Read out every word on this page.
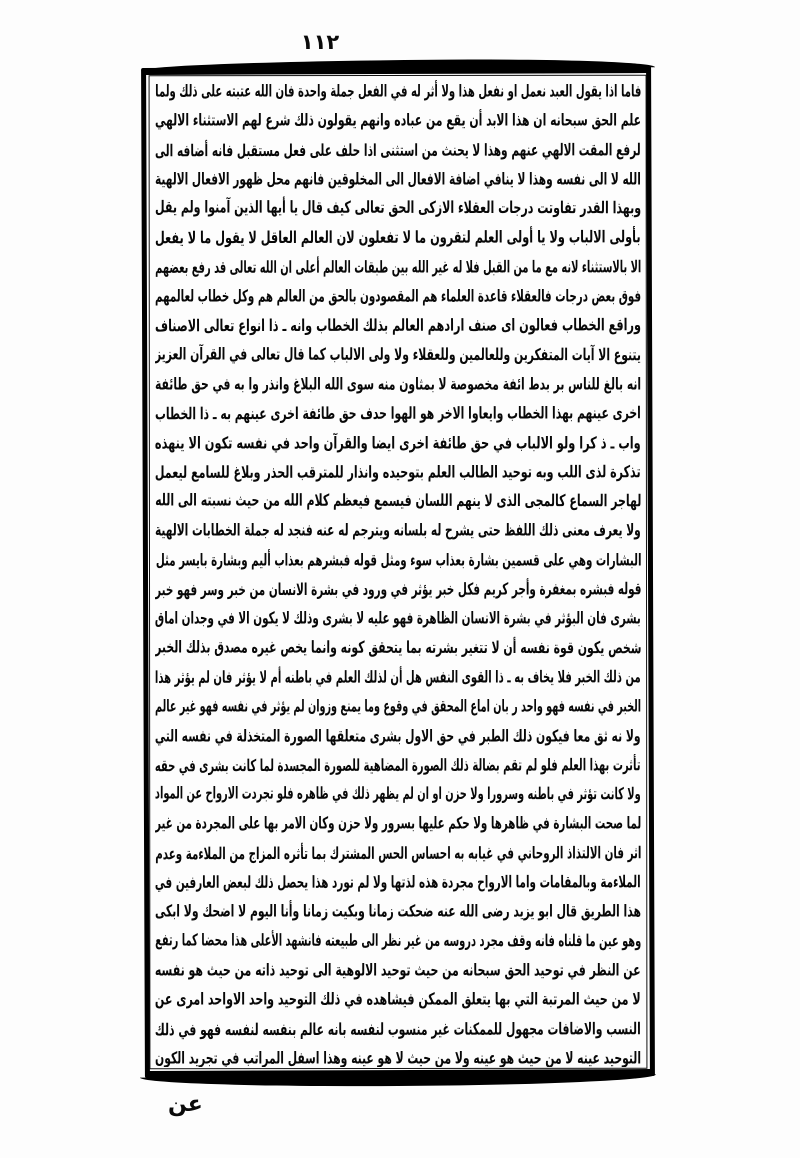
١١٢
فاما اذا يقول العبد نعمل او نفعل هذا ولا أثر له في الفعل جملة واحدة فان الله عتبته على ذلك ولما
علم الحق سبحانه ان هذا الابد أن يقع من عباده وانهم يقولون ذلك شرع لهم الاستثناء الالهي
لرفع المقت الالهي عنهم وهذا لا يحنث من استثنى اذا حلف على فعل مستقبل فانه أضافه الى
الله لا الى نفسه وهذا لا ينافي اضافة الافعال الى المخلوقين فانهم محل ظهور الافعال الالهية
وبهذا القدر تفاوتت درجات العقلاء الازكى الحق تعالى كيف قال يا أيها الذين آمنوا ولم يقل
بأولى الالباب ولا يا أولى العلم لتقرون ما لا تفعلون لان العالم العاقل لا يقول ما لا يفعل
الا بالاستثناء لانه مع ما من القبل فلا له غير الله بين طبقات العالم أعلى ان الله تعالى قد رفع بعضهم
فوق بعض درجات فالعقلاء قاعدة العلماء هم المقصودون بالحق من العالم هم وكل خطاب لعالمهم
وراقع الخطاب فعالون اى صنف ارادهم العالم بذلك الخطاب وانه ـ ذا انواع تعالى الاصناف
يتنوع الا آيات المتفكرين وللعالمين وللعقلاء ولا ولى الالباب كما قال تعالى في القرآن العزيز
انه بالغ للناس بر بدط ائفة مخصوصة لا بمثاون منه سوى الله البلاغ وانذر وا به في حق طائفة
اخرى عينهم بهذا الخطاب وايعاوا الاخر هو الهوا حدف حق طائفة اخرى عينهم به ـ ذا الخطاب
واب ـ ذ كرا ولو الالباب في حق طائفة اخرى ايضا والقرآن واحد في نفسه تكون الا ينهذه
تذكرة لذى اللب وبه توحيد الطالب العلم بتوحيده وانذار للمترقب الحذر وبلاغ للسامع ليعمل
لهاجر السماع كالمجى الذى لا ينهم اللسان فيسمع فيعظم كلام الله من حيث نسبته الى الله
ولا يعرف معنى ذلك اللفظ حتى يشرح له بلسانه ويترجم له عنه فنجد له جملة الخطابات الالهية
البشارات وهي على قسمين بشارة بعذاب سوء ومثل قوله فبشرهم بعذاب أليم وبشارة بايسر مثل
قوله فبشره بمغفرة وأجر كريم فكل خبر يؤثر في ورود في بشرة الانسان من خبر وسر فهو خبر
بشرى فان البؤثر في بشرة الانسان الظاهرة فهو عليه لا بشرى وذلك لا يكون الا في وجدان اماق
شخص يكون قوة نفسه أن لا تتغير بشرته بما يتحقق كونه وانما يخص غيره مصدق بذلك الخبر
من ذلك الخبر فلا يخاف به ـ ذا القوى النفس هل أن لذلك العلم في باطنه أم لا يؤثر فان لم يؤثر هذا
الخبر في نفسه فهو واحد ر بان اماع المحقق في وقوع وما يمنع وزوان لم يؤثر في نفسه فهو غير عالم
ولا نه ثق معا فيكون ذلك الطبر في حق الاول بشرى متعلقها الصورة المتخذلة في نفسه التي
تأثرت بهذا العلم فلو لم تقم بضالة ذلك الصورة المضاهية للصورة المجسدة لما كانت بشرى في حقه
ولا كانت تؤثر في باطنه وسرورا ولا حزن او ان لم يظهر ذلك في ظاهره فلو تجردت الارواح عن المواد
لما صحت البشارة في ظاهرها ولا حكم عليها بسرور ولا حزن وكان الامر بها على المجردة من غير
اثر فان الالتذاذ الروحاني في غيابه به احساس الحس المشترك بما تأثره المزاج من الملاءمة وعدم
الملاءمة وبالمقامات واما الارواح مجردة هذه لذتها ولا لم تورد هذا يحصل ذلك لبعض العارفين في
هذا الطريق قال ابو يزيد رضى الله عنه ضحكت زمانا وبكيت زمانا وأنا اليوم لا اضحك ولا ابكى
وهو عين ما قلناه فانه وقف مجرد دروسه من غير نظر الى طبيعته فانشهد الأعلى هذا محضا كما رتفع
عن النظر في توحيد الحق سبحانه من حيث توحيد الالوهية الى توحيد ذاته من حيث هو نفسه
لا من حيث المرتبة التي بها يتعلق الممكن فيشاهده في ذلك التوحيد واحد الاواحد امرى عن
النسب والاضافات مجهول للممكنات غير منسوب لنفسه بانه عالم بنفسه لنفسه فهو في ذلك
التوحيد عينه لا من حيث هو عينه ولا من حيث لا هو عينه وهذا اسفل المراتب في تجريد الكون
عن
